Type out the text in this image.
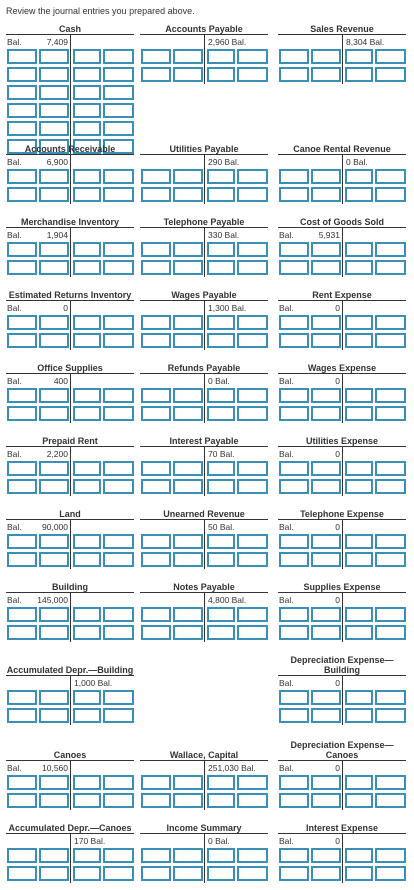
Review the journal entries you prepared above.
Cash
Bal.	7,409
Accounts Payable
2,960 Bal.
Sales Revenue
8,304 Bal.
Accounts Receivable
Bal.	6,900
Utilities Payable
290 Bal.
Canoe Rental Revenue
0 Bal.
Merchandise Inventory
Bal.	1,904
Telephone Payable
330 Bal.
Cost of Goods Sold
Bal.	5,931
Estimated Returns Inventory
Bal.	0
Wages Payable
1,300 Bal.
Rent Expense
Bal.	0
Office Supplies
Bal.	400
Refunds Payable
0 Bal.
Wages Expense
Bal.	0
Prepaid Rent
Bal.	2,200
Interest Payable
70 Bal.
Utilities Expense
Bal.	0
Land
Bal. 90,000
Unearned Revenue
50 Bal.
Telephone Expense
Bal.	0
Building
Bal. 145,000
Notes Payable
4,800 Bal.
Supplies Expense
Bal.	0
Accumulated Depr.—Building
1,000 Bal.
Depreciation Expense—Building
Bal.	0
Canoes
Bal. 10,560
Wallace, Capital
251,030 Bal.
Depreciation Expense—Canoes
Bal.	0
Accumulated Depr.—Canoes
170 Bal.
Income Summary
0 Bal.
Interest Expense
Bal.	0
